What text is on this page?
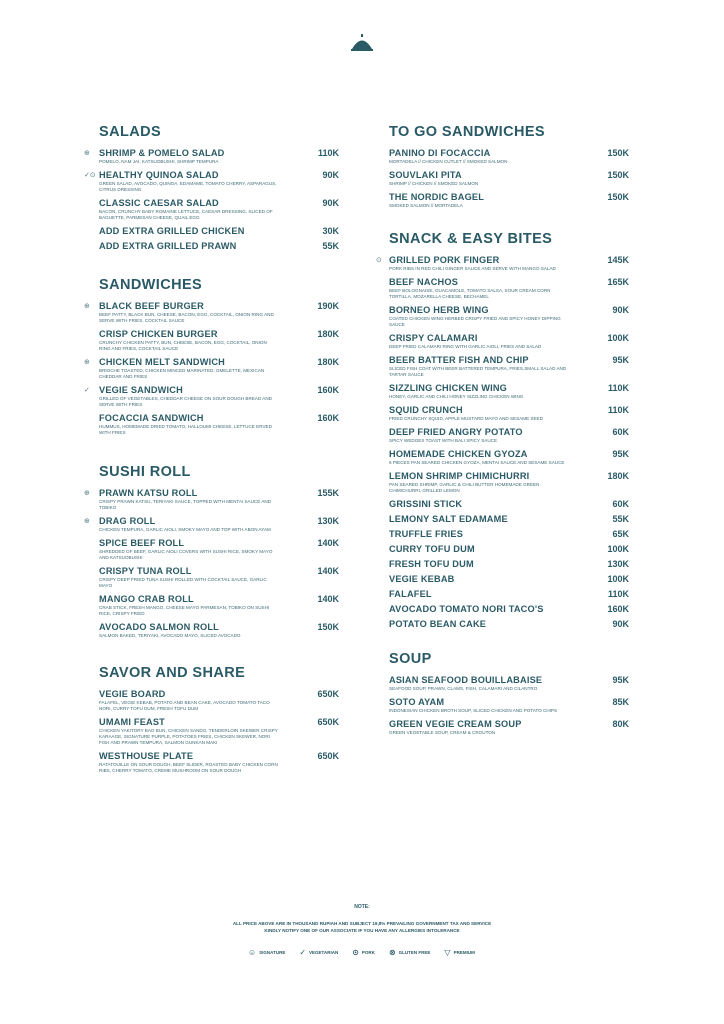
SALADS
⊕ SHRIMP & POMELO SALAD	110K
POMELO, NAM JAI, KATSUOBUSHI, SHRIMP TEMPURA
✓⊙ HEALTHY QUINOA SALAD	90K
GREEN SALAD, AVOCADO, QUINOA, EDAMAME, TOMATO CHERRY, ASPARAGUS, CITRUS DRESSING
CLASSIC CAESAR SALAD	90K
BACON, CRUNCHY BABY ROMAINE LETTUCE, CAESAR DRESSING, SLICED OF BAGUETTE, PARMESAN CHEESE, QUAIL EGG
ADD EXTRA GRILLED CHICKEN	30K
ADD EXTRA GRILLED PRAWN	55K
SANDWICHES
⊕ BLACK BEEF BURGER	190K
BEEF PATTY, BLACK BUN, CHEESE, BACON, EGG, COCKTAIL, ONION RING AND SERVE WITH FRIES, COCKTAIL SAUCE
CRISP CHICKEN BURGER	180K
CRUNCHY CHICKEN PATTY, BUN, CHEESE, BACON, EGG, COCKTAIL, ONION RING AND FRIES, COCKTAIL SAUCE
⊕ CHICKEN MELT SANDWICH	180K
BRIOCHE TOASTED, CHICKEN MINCED MARINATED, OMELETTE, MEXICAN CHEDDAR AND FRIES
✓ VEGIE SANDWICH	160K
GRILLED OF VEGETABLES, CHEDDAR CHEESE ON SOUR DOUGH BREAD AND SERVE WITH FRIES
FOCACCIA SANDWICH	160K
HUMMUS, HOMEMADE DRIED TOMATO, HALLOUMI CHEESE, LETTUCE ERVED WITH FRIES
SUSHI ROLL
⊕ PRAWN KATSU ROLL	155K
CRISPY PRAWN KATSU, TERIYAKI SAUCE, TOPPED WITH MENTAI SAUCE AND TOBIKO
⊕ DRAG ROLL	130K
CHICKEN TEMPURA, GARLIC AIOLI, SMOKY MAYO AND TOP WITH ABON AYAM
SPICE BEEF ROLL	140K
SHREDDED OF BEEF, GARLIC AIOLI COVERS WITH SUSHI RICE, SMOKY MAYO AND KATSUOBUSHI
CRISPY TUNA ROLL	140K
CRISPY DEEP FRIED TUNA SUSHI ROLLED WITH COCKTAIL SAUCE, GARLIC MAYO
MANGO CRAB ROLL	140K
CRAB STICK, FRESH MANGO, CHEESE MAYO PARMESAN, TOBIKO ON SUSHI RICE, CRISPY FRIED
AVOCADO SALMON ROLL	150K
SALMON BAKED, TERIYAKI, AVOCADO MAYO, SLICED AVOCADO
SAVOR AND SHARE
VEGIE BOARD	650K
FALAFEL, VEGIE KEBAB, POTATO AND BEAN CAKE, AVOCADO TOMATO TACO NORI, CURRY TOFU DUM, FRESH TOFU DUM
UMAMI FEAST	650K
CHICKEN YAKITORY BAO BUN, CHICKEN SANDO, TENDERLOIN SKEWER CRISPY KARAAGE, SIGNATURE PURPLE, POTATOES FRIES, CHICKEN SKEWER, NORI FISH AND PRAWN TEMPURA, SALMON GUNKAN MAKI
WESTHOUSE PLATE	650K
RATATOUILLE ON SOUR DOUGH, BEEF SLIDER, ROASTED BABY CHICKEN CORN RIBS, CHERRY TOMATO, CREME MUSHROOM ON SOUR DOUGH
TO GO SANDWICHES
PANINO DI FOCACCIA	150K
MORTADELA // CHICKEN CUTLET // SMOKED SALMON
SOUVLAKI PITA	150K
SHRIMP // CHICKEN // SMOKED SALMON
THE NORDIC BAGEL	150K
SMOKED SALMON // MORTADELA
SNACK & EASY BITES
⊙ GRILLED PORK FINGER	145K
PORK RIBS IN RED CHILI GINGER SAUCE AND SERVE WITH MANGO SALAD
BEEF NACHOS	165K
BEEF BOLOGNAISE, GUACAMOLE, TOMATO SALSA, SOUR CREAM CORN TORTILLA, MOZARELLA CHEESE, BECHAMEL
BORNEO HERB WING	90K
COATED CHICKEN WING HERBED CRISPY FRIED AND SPICY HONEY DIPPING SAUCE
CRISPY CALAMARI	100K
DEEP FRIED CALAMARI RING WITH GARLIC AIOLI, FRIES AND SALAD
BEER BATTER FISH AND CHIP	95K
SLICED FISH COAT WITH BEER BATTERED TEMPURA, FRIES,SMALL SALAD AND TARTAR SAUCE
SIZZLING CHICKEN WING	110K
HONEY, GARLIC AND CHILI HONEY SIZZLING CHICKEN WING
SQUID CRUNCH	110K
FRIED CRUNCHY SQUID, APPLE MUSTARD MAYO AND SESAME SEED
DEEP FRIED ANGRY POTATO	60K
SPICY WEDGES TOAST WITH BALI SPICY SAUCE
HOMEMADE CHICKEN GYOZA	95K
6 PIECES PAN SEARED CHICKEN GYOZA, MENTAI SAUCE AND SESAME SAUCE
LEMON SHRIMP CHIMICHURRI	180K
PAN SEARED SHRIMP, GARLIC & CHILI BUTTER HOMEMADE GREEN CHIMICHURRI, GRILLED LEMON
GRISSINI STICK	60K
LEMONY SALT EDAMAME	55K
TRUFFLE FRIES	65K
CURRY TOFU DUM	100K
FRESH TOFU DUM	130K
VEGIE KEBAB	100K
FALAFEL	110K
AVOCADO TOMATO NORI TACO'S	160K
POTATO BEAN CAKE	90K
SOUP
ASIAN SEAFOOD BOUILLABAISE	95K
SEAFOOD SOUP, PRAWN, CLAMS, FISH, CALAMARI AND CILANTRO
SOTO AYAM	85K
INDONESIAN CHICKEN BROTH SOUP, SLICED CHICKEN AND POTATO CHIPS
GREEN VEGIE CREAM SOUP	80K
GREEN VEGETABLE SOUP, CREAM & CROUTON
NOTE:
ALL PRICE ABOVE ARE IN THOUSAND RUPIAH AND SUBJECT 19,8% PREVAILING GOVERNMENT TAX AND SERVICE
KINDLY NOTIFY ONE OF OUR ASSOCIATE IF YOU HAVE ANY ALLERGIES INTOLERANCE
☺ SIGNATURE ✓ VEGETARIAN ⊙ PORK ⊗ GLUTEN FREE ▽ PREMIUM
